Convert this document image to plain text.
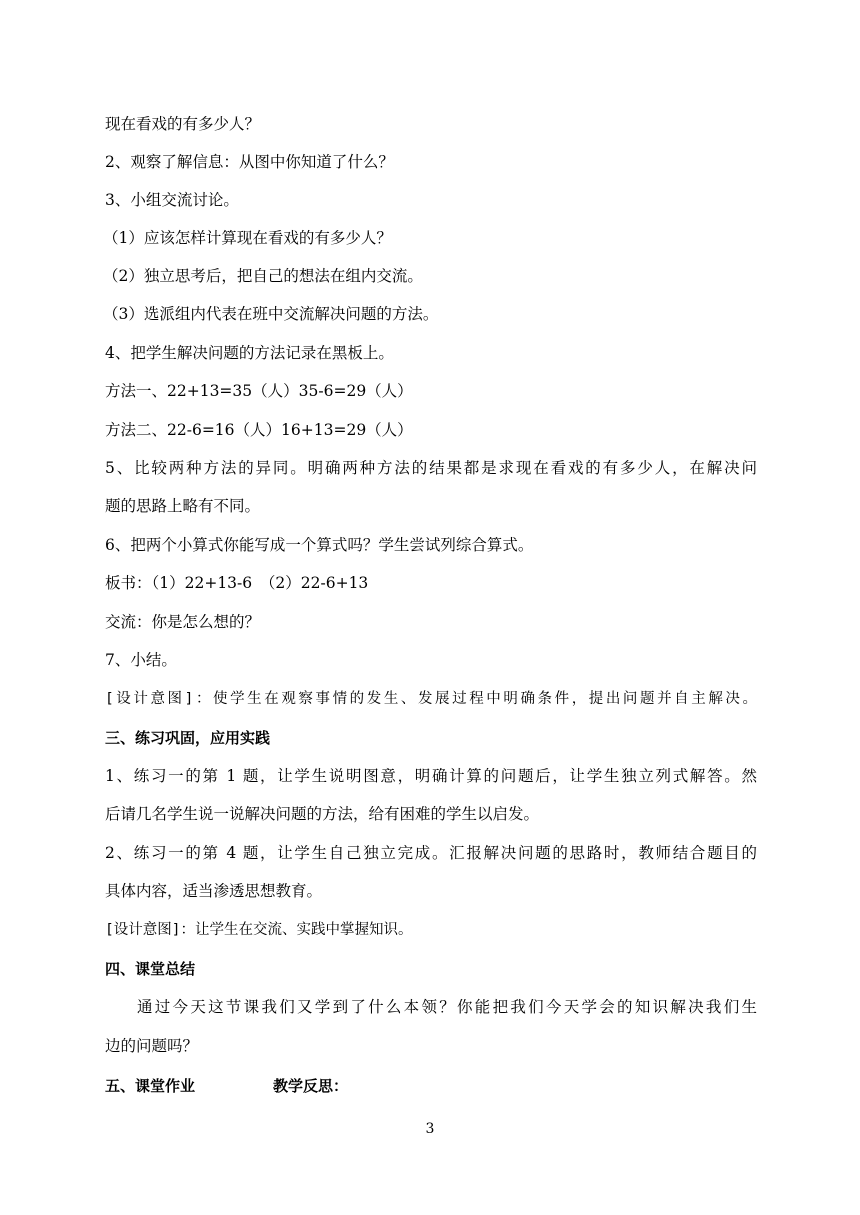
现在看戏的有多少人？

2、观察了解信息：从图中你知道了什么？

3、小组交流讨论。

（1）应该怎样计算现在看戏的有多少人？

（2）独立思考后，把自己的想法在组内交流。

（3）选派组内代表在班中交流解决问题的方法。

4、把学生解决问题的方法记录在黑板上。

方法一、22+13=35（人）35-6=29（人）

方法二、22-6=16（人）16+13=29（人）

5、比较两种方法的异同。明确两种方法的结果都是求现在看戏的有多少人，在解决问

题的思路上略有不同。

6、把两个小算式你能写成一个算式吗？学生尝试列综合算式。

板书：（1）22+13-6　（2）22-6+13

交流：你是怎么想的？

7、小结。

[设计意图]：使学生在观察事情的发生、发展过程中明确条件，提出问题并自主解决。

三、练习巩固，应用实践

1、练习一的第 1 题，让学生说明图意，明确计算的问题后，让学生独立列式解答。然

后请几名学生说一说解决问题的方法，给有困难的学生以启发。

2、练习一的第 4 题，让学生自己独立完成。汇报解决问题的思路时，教师结合题目的

具体内容，适当渗透思想教育。

[设计意图]：让学生在交流、实践中掌握知识。

四、课堂总结

通过今天这节课我们又学到了什么本领？你能把我们今天学会的知识解决我们生

边的问题吗？

五、课堂作业	教学反思：

3
